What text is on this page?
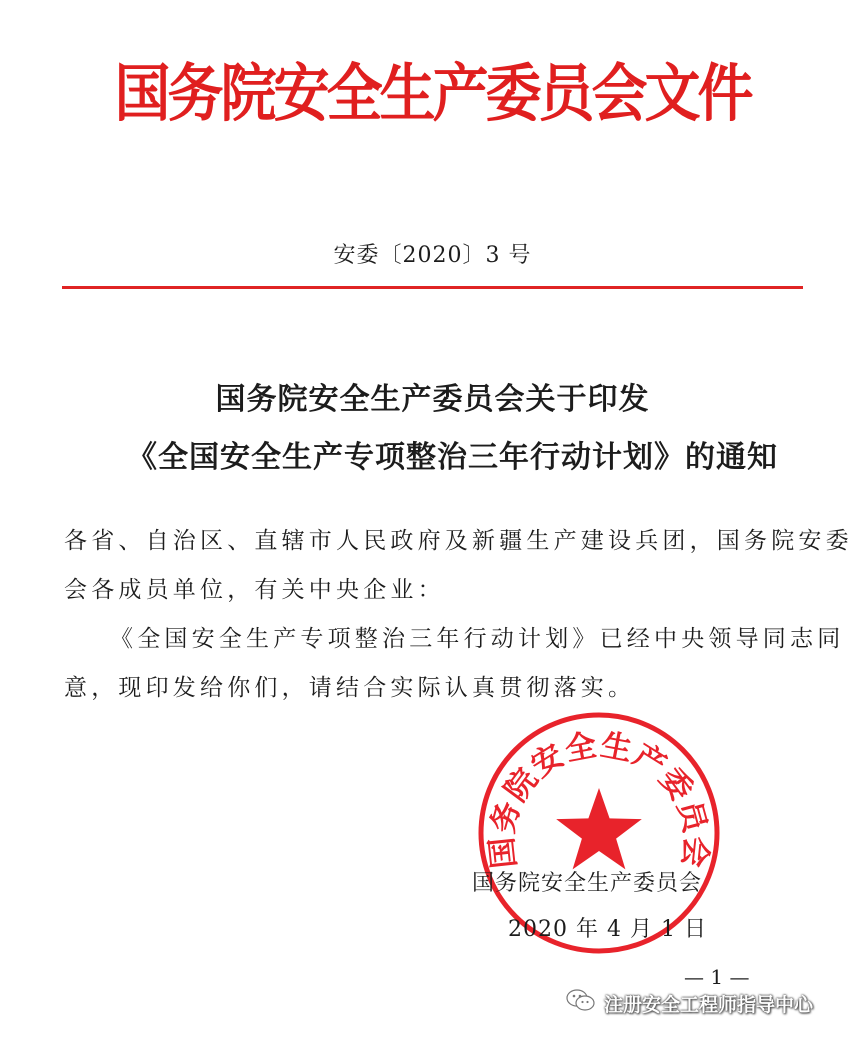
国务院安全生产委员会文件
安委〔2020〕3 号
国务院安全生产委员会关于印发
《全国安全生产专项整治三年行动计划》的通知
各省、自治区、直辖市人民政府及新疆生产建设兵团，国务院安委
会各成员单位，有关中央企业：
《全国安全生产专项整治三年行动计划》已经中央领导同志同
意，现印发给你们，请结合实际认真贯彻落实。
国务院安全生产委员会
国务院安全生产委员会
2020 年 4 月 1 日
— 1 —
注册安全工程师指导中心
